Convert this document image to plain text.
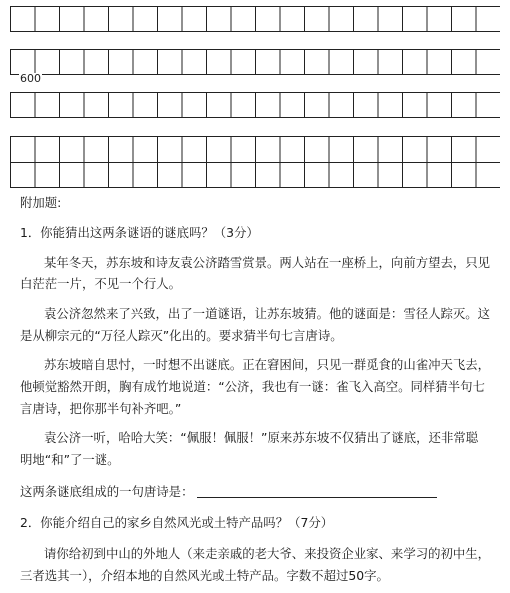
600
附加题:
1．你能猜出这两条谜语的谜底吗？（3分）
某年冬天，苏东坡和诗友袁公济踏雪赏景。两人站在一座桥上，向前方望去，只见
白茫茫一片，不见一个行人。
袁公济忽然来了兴致，出了一道谜语，让苏东坡猜。他的谜面是：雪径人踪灭。这
是从柳宗元的“万径人踪灭”化出的。要求猜半句七言唐诗。
苏东坡暗自思忖，一时想不出谜底。正在窘困间，只见一群觅食的山雀冲天飞去，
他顿觉豁然开朗，胸有成竹地说道：“公济，我也有一谜：雀飞入高空。同样猜半句七
言唐诗，把你那半句补齐吧。”
袁公济一听，哈哈大笑：“佩服！佩服！”原来苏东坡不仅猜出了谜底，还非常聪
明地“和”了一谜。
这两条谜底组成的一句唐诗是：
2．你能介绍自己的家乡自然风光或土特产品吗？（7分）
请你给初到中山的外地人（来走亲戚的老大爷、来投资企业家、来学习的初中生，
三者选其一），介绍本地的自然风光或土特产品。字数不超过50字。
